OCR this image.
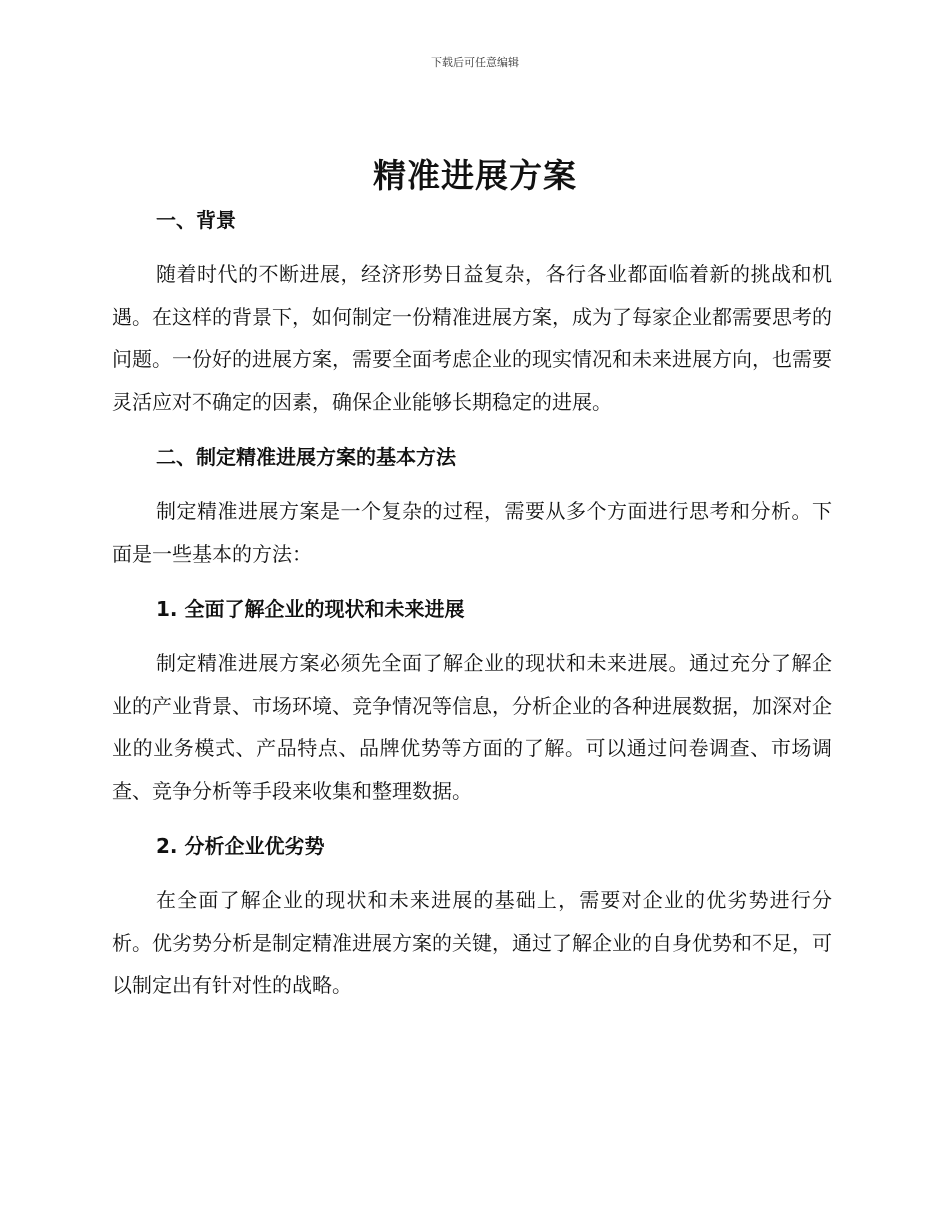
下载后可任意编辑
精准进展方案
一、背景
随着时代的不断进展，经济形势日益复杂，各行各业都面临着新的挑战和机遇。在这样的背景下，如何制定一份精准进展方案，成为了每家企业都需要思考的问题。一份好的进展方案，需要全面考虑企业的现实情况和未来进展方向，也需要灵活应对不确定的因素，确保企业能够长期稳定的进展。
二、制定精准进展方案的基本方法
制定精准进展方案是一个复杂的过程，需要从多个方面进行思考和分析。下面是一些基本的方法：
1. 全面了解企业的现状和未来进展
制定精准进展方案必须先全面了解企业的现状和未来进展。通过充分了解企业的产业背景、市场环境、竞争情况等信息，分析企业的各种进展数据，加深对企业的业务模式、产品特点、品牌优势等方面的了解。可以通过问卷调查、市场调查、竞争分析等手段来收集和整理数据。
2. 分析企业优劣势
在全面了解企业的现状和未来进展的基础上，需要对企业的优劣势进行分析。优劣势分析是制定精准进展方案的关键，通过了解企业的自身优势和不足，可以制定出有针对性的战略。
